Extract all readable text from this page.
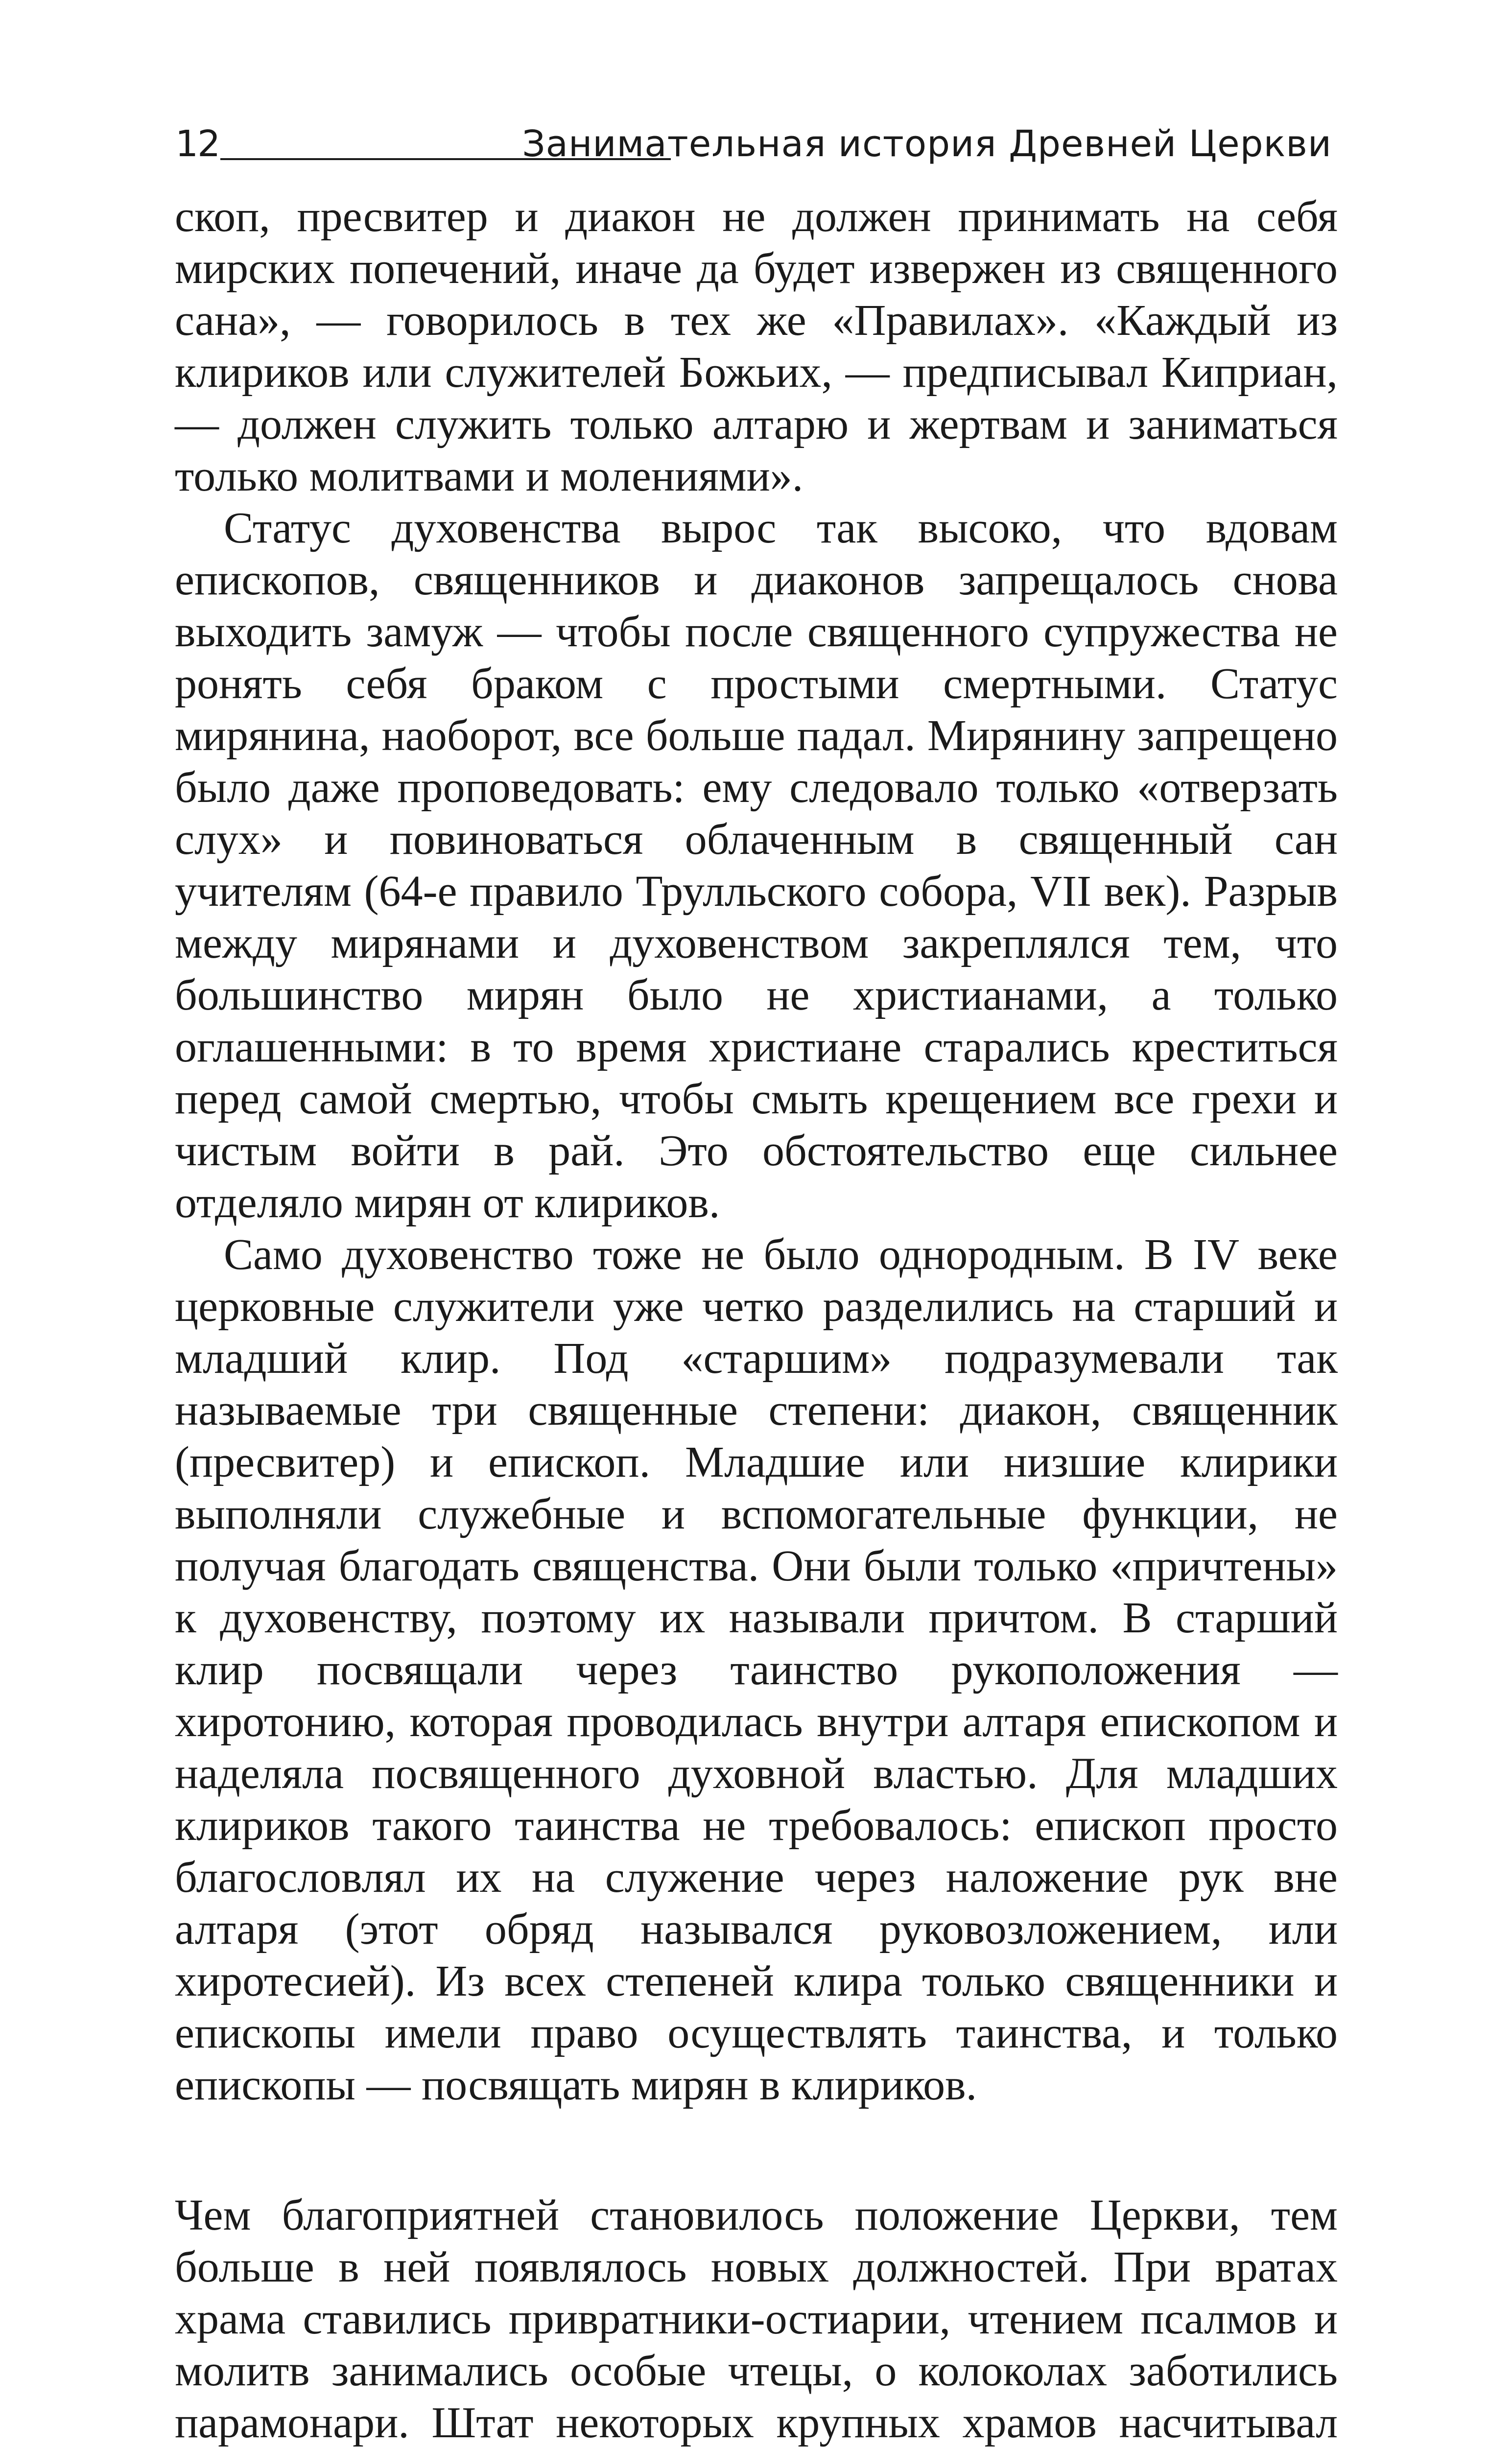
12	Занимательная история Древней Церкви

скоп, пресвитер и диакон не должен принимать на себя мирских попечений, иначе да будет извержен из священного сана», — говорилось в тех же «Правилах». «Каждый из клириков или служителей Божьих, — предписывал Киприан, — должен служить только алтарю и жертвам и заниматься только молитвами и молениями».

Статус духовенства вырос так высоко, что вдовам епископов, священников и диаконов запрещалось снова выходить замуж — чтобы после священного супружества не ронять себя браком с простыми смертными. Статус мирянина, наоборот, все больше падал. Мирянину запрещено было даже проповедовать: ему следовало только «отверзать слух» и повиноваться облаченным в священный сан учителям (64-е правило Трулльского собора, VII век). Разрыв между мирянами и духовенством закреплялся тем, что большинство мирян было не христианами, а только оглашенными: в то время христиане старались креститься перед самой смертью, чтобы смыть крещением все грехи и чистым войти в рай. Это обстоятельство еще сильнее отделяло мирян от клириков.

Само духовенство тоже не было однородным. В IV веке церковные служители уже четко разделились на старший и младший клир. Под «старшим» подразумевали так называемые три священные степени: диакон, священник (пресвитер) и епископ. Младшие или низшие клирики выполняли служебные и вспомогательные функции, не получая благодать священства. Они были только «причтены» к духовенству, поэтому их называли причтом. В старший клир посвящали через таинство рукоположения — хиротонию, которая проводилась внутри алтаря епископом и наделяла посвященного духовной властью. Для младших клириков такого таинства не требовалось: епископ просто благословлял их на служение через наложение рук вне алтаря (этот обряд назывался руковозложением, или хиротесией). Из всех степеней клира только священники и епископы имели право осуществлять таинства, и только епископы — посвящать мирян в клириков.

Чем благоприятней становилось положение Церкви, тем больше в ней появлялось новых должностей. При вратах храма ставились привратники-остиарии, чтением псалмов и молитв занимались особые чтецы, о колоколах заботились парамонари. Штат некоторых крупных храмов насчитывал
